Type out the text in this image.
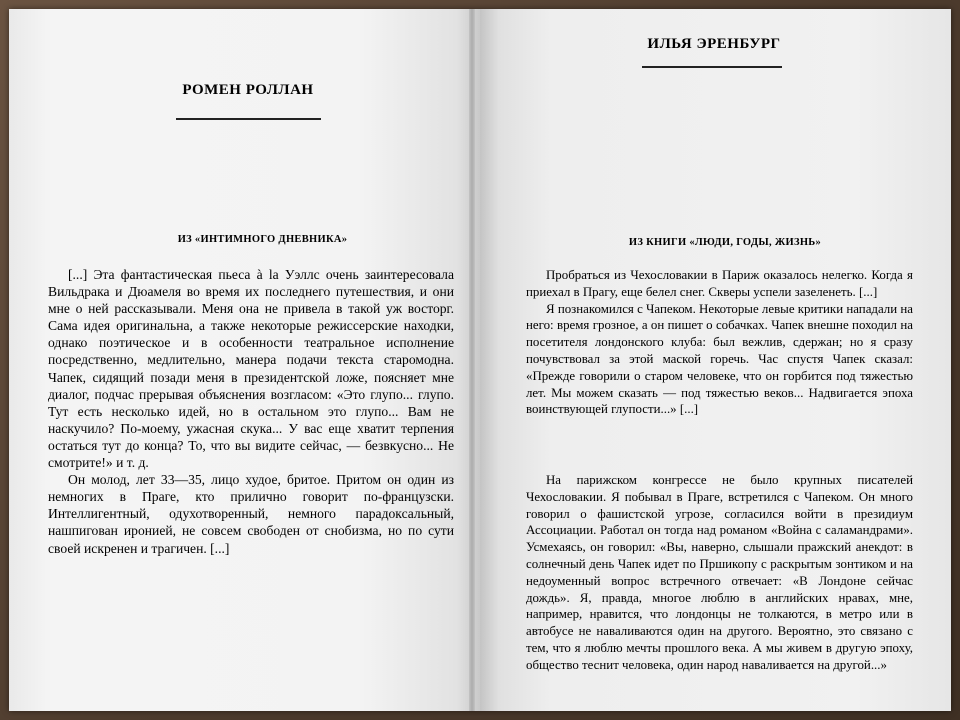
РОМЕН РОЛЛАН
ИЗ «ИНТИМНОГО ДНЕВНИКА»

[...] Эта фантастическая пьеса à la Уэллс очень заинтересовала Вильдрака и Дюамеля во время их последнего путешествия, и они мне о ней рассказывали. Меня она не привела в такой уж восторг. Сама идея оригинальна, а также некоторые режиссерские находки, однако поэтическое и в особенности театральное исполнение посредственно, медлительно, манера подачи текста старомодна. Чапек, сидящий позади меня в президентской ложе, поясняет мне диалог, подчас прерывая объяснения возгласом: «Это глупо... глупо. Тут есть несколько идей, но в остальном это глупо... Вам не наскучило? По-моему, ужасная скука... У вас еще хватит терпения остаться тут до конца? То, что вы видите сейчас, — безвкусно... Не смотрите!» и т. д.

Он молод, лет 33—35, лицо худое, бритое. Притом он один из немногих в Праге, кто прилично говорит по-французски. Интеллигентный, одухотворенный, немного парадоксальный, нашпигован иронией, не совсем свободен от снобизма, но по сути своей искренен и трагичен. [...]

ИЛЬЯ ЭРЕНБУРГ
ИЗ КНИГИ «ЛЮДИ, ГОДЫ, ЖИЗНЬ»

Пробраться из Чехословакии в Париж оказалось нелегко. Когда я приехал в Прагу, еще белел снег. Скверы успели зазеленеть. [...]

Я познакомился с Чапеком. Некоторые левые критики нападали на него: время грозное, а он пишет о собачках. Чапек внешне походил на посетителя лондонского клуба: был вежлив, сдержан; но я сразу почувствовал за этой маской горечь. Час спустя Чапек сказал: «Прежде говорили о старом человеке, что он горбится под тяжестью лет. Мы можем сказать — под тяжестью веков... Надвигается эпоха воинствующей глупости...» [...]

На парижском конгрессе не было крупных писателей Чехословакии. Я побывал в Праге, встретился с Чапеком. Он много говорил о фашистской угрозе, согласился войти в президиум Ассоциации. Работал он тогда над романом «Война с саламандрами». Усмехаясь, он говорил: «Вы, наверно, слышали пражский анекдот: в солнечный день Чапек идет по Пршикопу с раскрытым зонтиком и на недоуменный вопрос встречного отвечает: «В Лондоне сейчас дождь». Я, правда, многое люблю в английских нравах, мне, например, нравится, что лондонцы не толкаются, в метро или в автобусе не наваливаются один на другого. Вероятно, это связано с тем, что я люблю мечты прошлого века. А мы живем в другую эпоху, общество теснит человека, один народ наваливается на другой...»
